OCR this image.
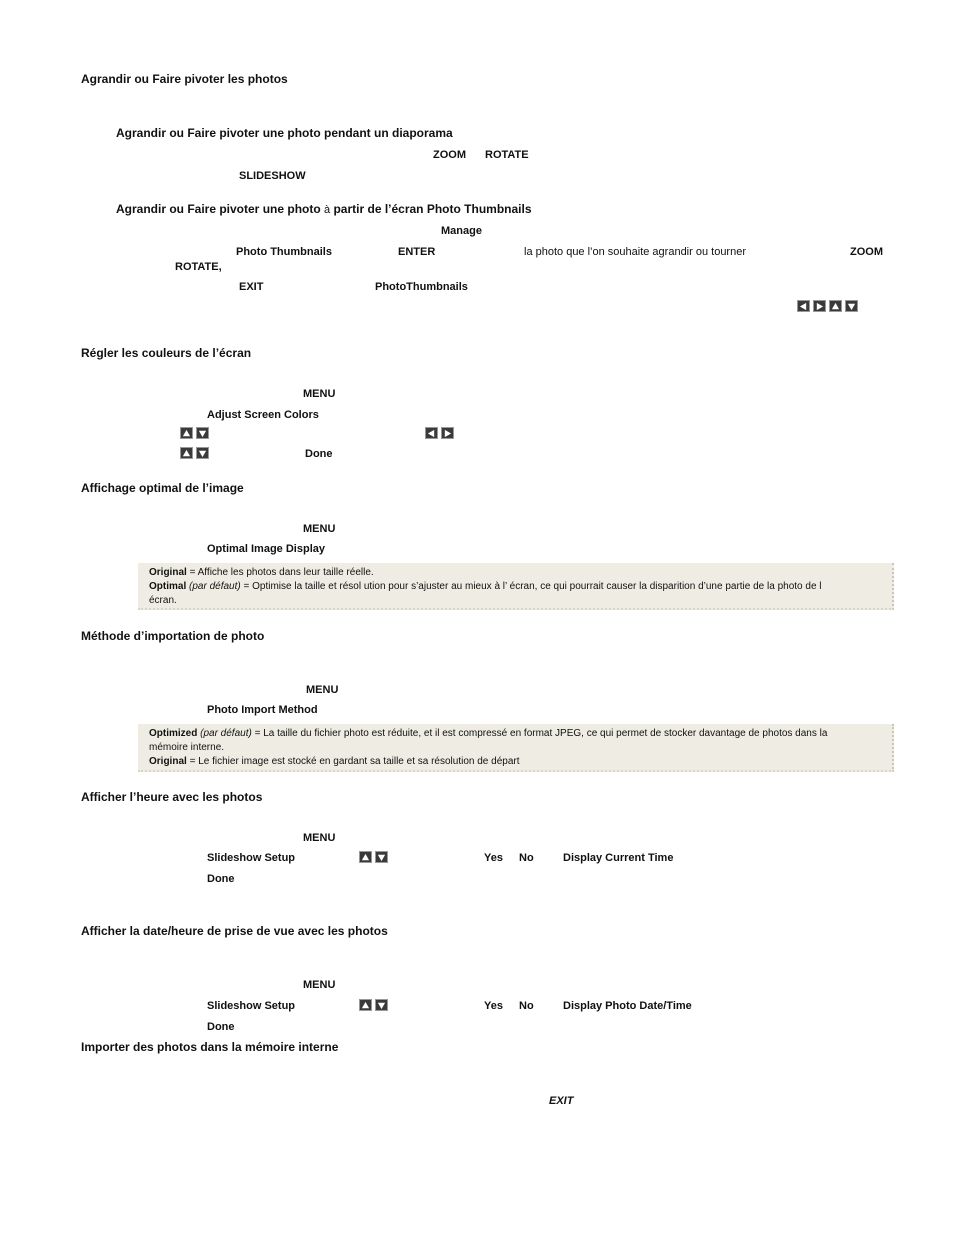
Agrandir ou Faire pivoter les photos
Agrandir ou Faire pivoter une photo pendant un diaporama
ZOOM ROTATE
SLIDESHOW
Agrandir ou Faire pivoter une photo à partir de l’écran Photo Thumbnails
Manage
Photo Thumbnails	ENTER	la photo que l’on souhaite agrandir ou tourner	ZOOM
ROTATE,
EXIT	PhotoThumbnails
Régler les couleurs de l’écran
MENU
Adjust Screen Colors
Done
Affichage optimal de l’image
MENU
Optimal Image Display
Original = Affiche les photos dans leur taille réelle.
Optimal (par défaut) = Optimise la taille et résol ution pour s’ajuster au mieux à l’ écran, ce qui pourrait causer la disparition d’une partie de la photo de l
écran.
Méthode d’importation de photo
MENU
Photo Import Method
Optimized (par défaut) = La taille du fichier photo est réduite, et il est compressé en format JPEG, ce qui permet de stocker davantage de photos dans la
mémoire interne.
Original = Le fichier image est stocké en gardant sa taille et sa résolution de départ
Afficher l’heure avec les photos
MENU
Slideshow Setup	Yes No	Display Current Time
Done
Afficher la date/heure de prise de vue avec les photos
MENU
Slideshow Setup	Yes No	Display Photo Date/Time
Done
Importer des photos dans la mémoire interne
EXIT
